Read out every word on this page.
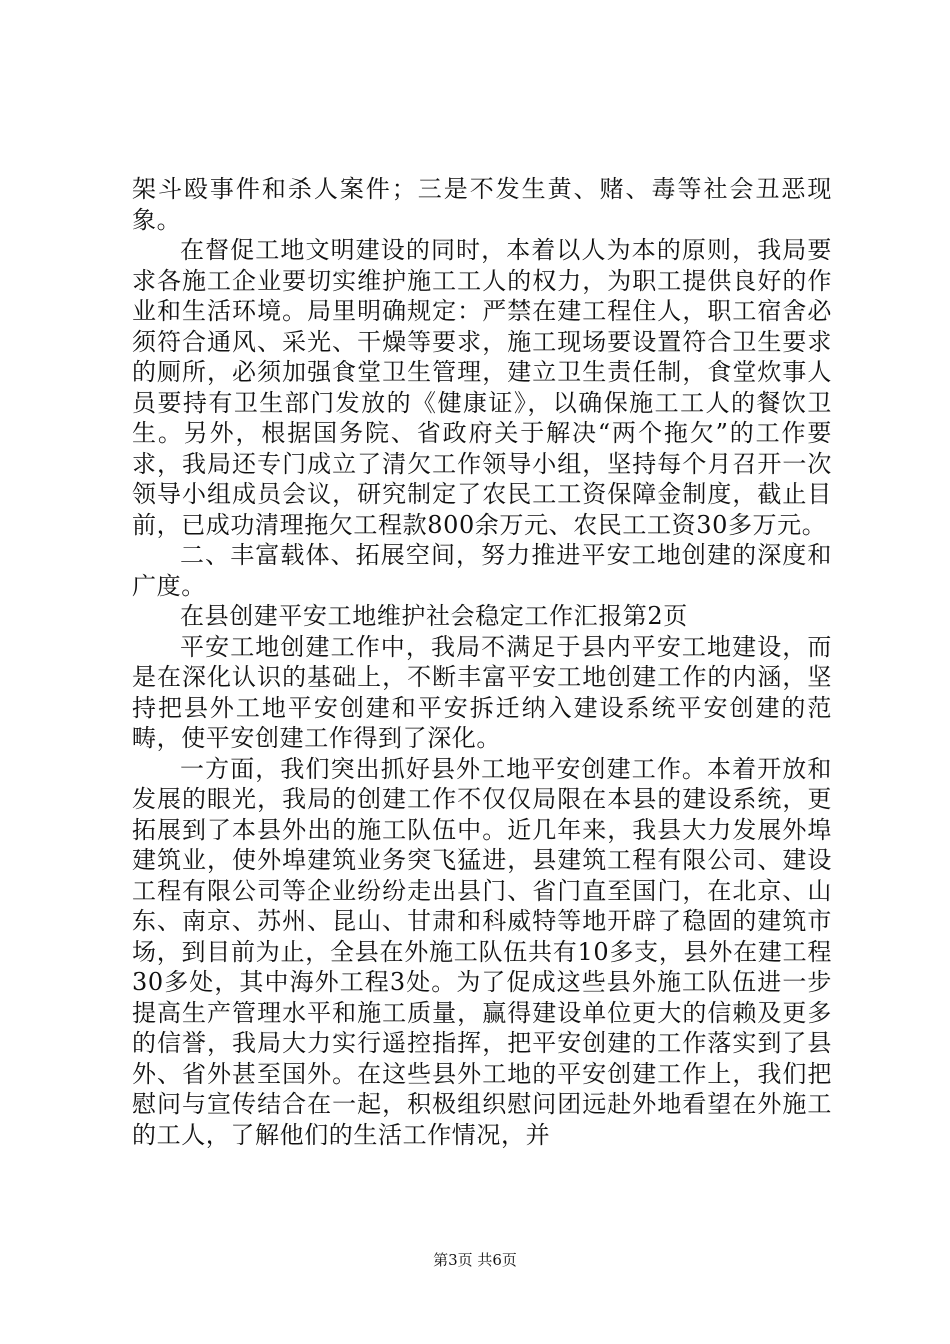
架斗殴事件和杀人案件；三是不发生黄、赌、毒等社会丑恶现象。

在督促工地文明建设的同时，本着以人为本的原则，我局要求各施工企业要切实维护施工工人的权力，为职工提供良好的作业和生活环境。局里明确规定：严禁在建工程住人，职工宿舍必须符合通风、采光、干燥等要求，施工现场要设置符合卫生要求的厕所，必须加强食堂卫生管理，建立卫生责任制，食堂炊事人员要持有卫生部门发放的《健康证》，以确保施工工人的餐饮卫生。另外，根据国务院、省政府关于解决“两个拖欠”的工作要求，我局还专门成立了清欠工作领导小组，坚持每个月召开一次领导小组成员会议，研究制定了农民工工资保障金制度，截止目前，已成功清理拖欠工程款800余万元、农民工工资30多万元。

二、丰富载体、拓展空间，努力推进平安工地创建的深度和广度。

在县创建平安工地维护社会稳定工作汇报第2页

平安工地创建工作中，我局不满足于县内平安工地建设，而是在深化认识的基础上，不断丰富平安工地创建工作的内涵，坚持把县外工地平安创建和平安拆迁纳入建设系统平安创建的范畴，使平安创建工作得到了深化。

一方面，我们突出抓好县外工地平安创建工作。本着开放和发展的眼光，我局的创建工作不仅仅局限在本县的建设系统，更拓展到了本县外出的施工队伍中。近几年来，我县大力发展外埠建筑业，使外埠建筑业务突飞猛进，县建筑工程有限公司、建设工程有限公司等企业纷纷走出县门、省门直至国门，在北京、山东、南京、苏州、昆山、甘肃和科威特等地开辟了稳固的建筑市场，到目前为止，全县在外施工队伍共有10多支，县外在建工程30多处，其中海外工程3处。为了促成这些县外施工队伍进一步提高生产管理水平和施工质量，赢得建设单位更大的信赖及更多的信誉，我局大力实行遥控指挥，把平安创建的工作落实到了县外、省外甚至国外。在这些县外工地的平安创建工作上，我们把慰问与宣传结合在一起，积极组织慰问团远赴外地看望在外施工的工人，了解他们的生活工作情况，并

第3页 共6页
